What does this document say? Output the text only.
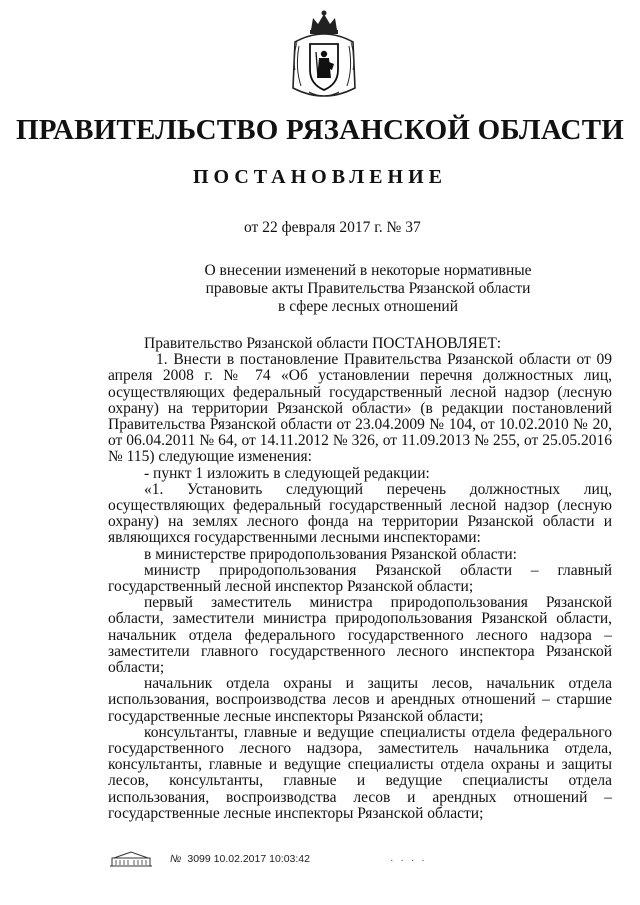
ПРАВИТЕЛЬСТВО РЯЗАНСКОЙ ОБЛАСТИ
ПОСТАНОВЛЕНИЕ
от 22 февраля 2017 г. № 37
О внесении изменений в некоторые нормативные
правовые акты Правительства Рязанской области
в сфере лесных отношений

Правительство Рязанской области ПОСТАНОВЛЯЕТ:

1. Внести в постановление Правительства Рязанской области от 09 апреля 2008 г. № 74 «Об установлении перечня должностных лиц, осуществляющих федеральный государственный лесной надзор (лесную охрану) на территории Рязанской области» (в редакции постановлений Правительства Рязанской области от 23.04.2009 № 104, от 10.02.2010 № 20, от 06.04.2011 № 64, от 14.11.2012 № 326, от 11.09.2013 № 255, от 25.05.2016 № 115) следующие изменения:

- пункт 1 изложить в следующей редакции:

«1. Установить следующий перечень должностных лиц, осуществляющих федеральный государственный лесной надзор (лесную охрану) на землях лесного фонда на территории Рязанской области и являющихся государственными лесными инспекторами:

в министерстве природопользования Рязанской области:

министр природопользования Рязанской области – главный государственный лесной инспектор Рязанской области;

первый заместитель министра природопользования Рязанской области, заместители министра природопользования Рязанской области, начальник отдела федерального государственного лесного надзора – заместители главного государственного лесного инспектора Рязанской области;

начальник отдела охраны и защиты лесов, начальник отдела использования, воспроизводства лесов и арендных отношений – старшие государственные лесные инспекторы Рязанской области;

консультанты, главные и ведущие специалисты отдела федерального государственного лесного надзора, заместитель начальника отдела, консультанты, главные и ведущие специалисты отдела охраны и защиты лесов, консультанты, главные и ведущие специалисты отдела использования, воспроизводства лесов и арендных отношений – государственные лесные инспекторы Рязанской области;

№ 3099 10.02.2017 10:03:42	· · · ·
